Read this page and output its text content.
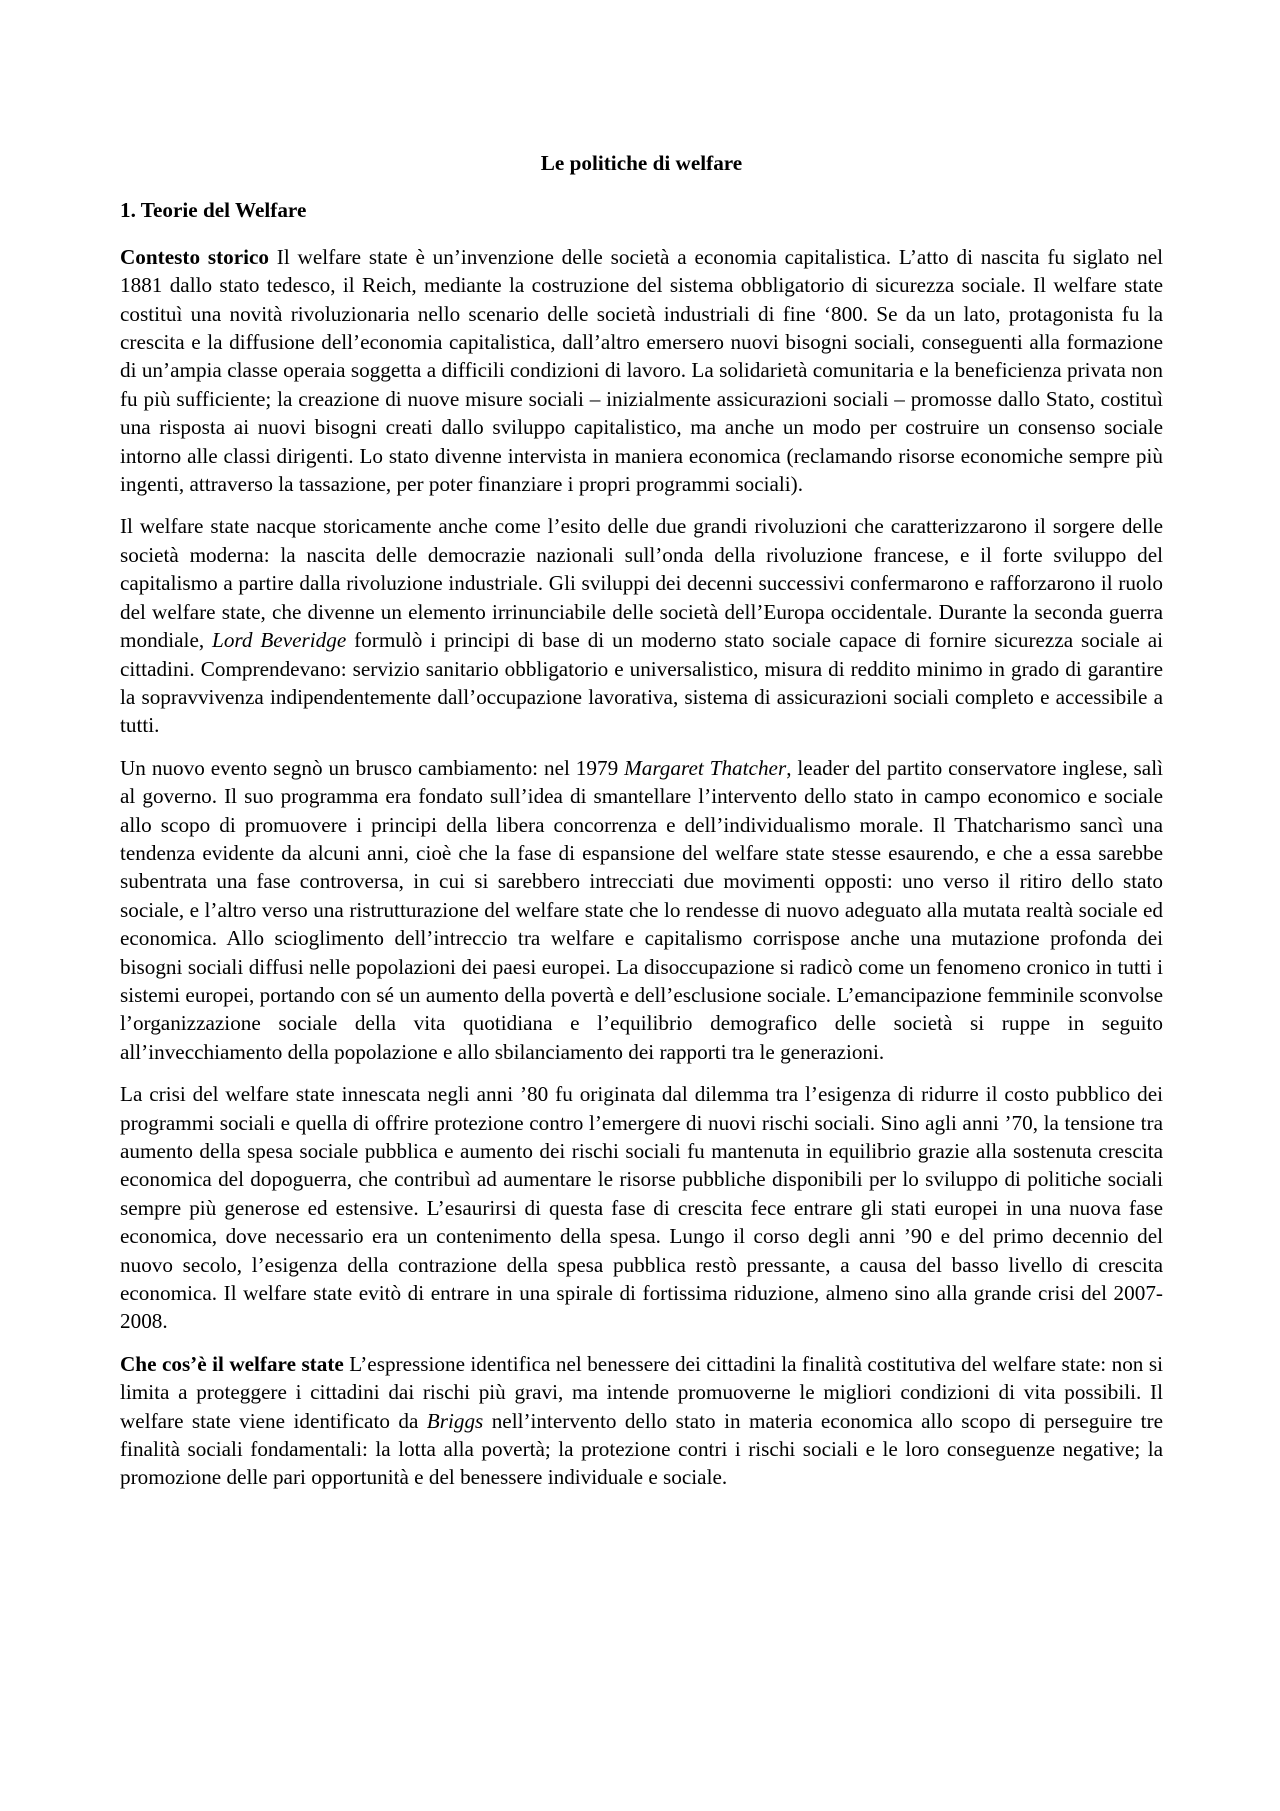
Le politiche di welfare
1. Teorie del Welfare

Contesto storico Il welfare state è un’invenzione delle società a economia capitalistica. L’atto di nascita fu siglato nel 1881 dallo stato tedesco, il Reich, mediante la costruzione del sistema obbligatorio di sicurezza sociale. Il welfare state costituì una novità rivoluzionaria nello scenario delle società industriali di fine ‘800. Se da un lato, protagonista fu la crescita e la diffusione dell’economia capitalistica, dall’altro emersero nuovi bisogni sociali, conseguenti alla formazione di un’ampia classe operaia soggetta a difficili condizioni di lavoro. La solidarietà comunitaria e la beneficienza privata non fu più sufficiente; la creazione di nuove misure sociali – inizialmente assicurazioni sociali – promosse dallo Stato, costituì una risposta ai nuovi bisogni creati dallo sviluppo capitalistico, ma anche un modo per costruire un consenso sociale intorno alle classi dirigenti. Lo stato divenne intervista in maniera economica (reclamando risorse economiche sempre più ingenti, attraverso la tassazione, per poter finanziare i propri programmi sociali).

Il welfare state nacque storicamente anche come l’esito delle due grandi rivoluzioni che caratterizzarono il sorgere delle società moderna: la nascita delle democrazie nazionali sull’onda della rivoluzione francese, e il forte sviluppo del capitalismo a partire dalla rivoluzione industriale. Gli sviluppi dei decenni successivi confermarono e rafforzarono il ruolo del welfare state, che divenne un elemento irrinunciabile delle società dell’Europa occidentale. Durante la seconda guerra mondiale, Lord Beveridge formulò i principi di base di un moderno stato sociale capace di fornire sicurezza sociale ai cittadini. Comprendevano: servizio sanitario obbligatorio e universalistico, misura di reddito minimo in grado di garantire la sopravvivenza indipendentemente dall’occupazione lavorativa, sistema di assicurazioni sociali completo e accessibile a tutti.

Un nuovo evento segnò un brusco cambiamento: nel 1979 Margaret Thatcher, leader del partito conservatore inglese, salì al governo. Il suo programma era fondato sull’idea di smantellare l’intervento dello stato in campo economico e sociale allo scopo di promuovere i principi della libera concorrenza e dell’individualismo morale. Il Thatcharismo sancì una tendenza evidente da alcuni anni, cioè che la fase di espansione del welfare state stesse esaurendo, e che a essa sarebbe subentrata una fase controversa, in cui si sarebbero intrecciati due movimenti opposti: uno verso il ritiro dello stato sociale, e l’altro verso una ristrutturazione del welfare state che lo rendesse di nuovo adeguato alla mutata realtà sociale ed economica. Allo scioglimento dell’intreccio tra welfare e capitalismo corrispose anche una mutazione profonda dei bisogni sociali diffusi nelle popolazioni dei paesi europei. La disoccupazione si radicò come un fenomeno cronico in tutti i sistemi europei, portando con sé un aumento della povertà e dell’esclusione sociale. L’emancipazione femminile sconvolse l’organizzazione sociale della vita quotidiana e l’equilibrio demografico delle società si ruppe in seguito all’invecchiamento della popolazione e allo sbilanciamento dei rapporti tra le generazioni.

La crisi del welfare state innescata negli anni ’80 fu originata dal dilemma tra l’esigenza di ridurre il costo pubblico dei programmi sociali e quella di offrire protezione contro l’emergere di nuovi rischi sociali. Sino agli anni ’70, la tensione tra aumento della spesa sociale pubblica e aumento dei rischi sociali fu mantenuta in equilibrio grazie alla sostenuta crescita economica del dopoguerra, che contribuì ad aumentare le risorse pubbliche disponibili per lo sviluppo di politiche sociali sempre più generose ed estensive. L’esaurirsi di questa fase di crescita fece entrare gli stati europei in una nuova fase economica, dove necessario era un contenimento della spesa. Lungo il corso degli anni ’90 e del primo decennio del nuovo secolo, l’esigenza della contrazione della spesa pubblica restò pressante, a causa del basso livello di crescita economica. Il welfare state evitò di entrare in una spirale di fortissima riduzione, almeno sino alla grande crisi del 2007-2008.

Che cos’è il welfare state L’espressione identifica nel benessere dei cittadini la finalità costitutiva del welfare state: non si limita a proteggere i cittadini dai rischi più gravi, ma intende promuoverne le migliori condizioni di vita possibili. Il welfare state viene identificato da Briggs nell’intervento dello stato in materia economica allo scopo di perseguire tre finalità sociali fondamentali: la lotta alla povertà; la protezione contri i rischi sociali e le loro conseguenze negative; la promozione delle pari opportunità e del benessere individuale e sociale.
